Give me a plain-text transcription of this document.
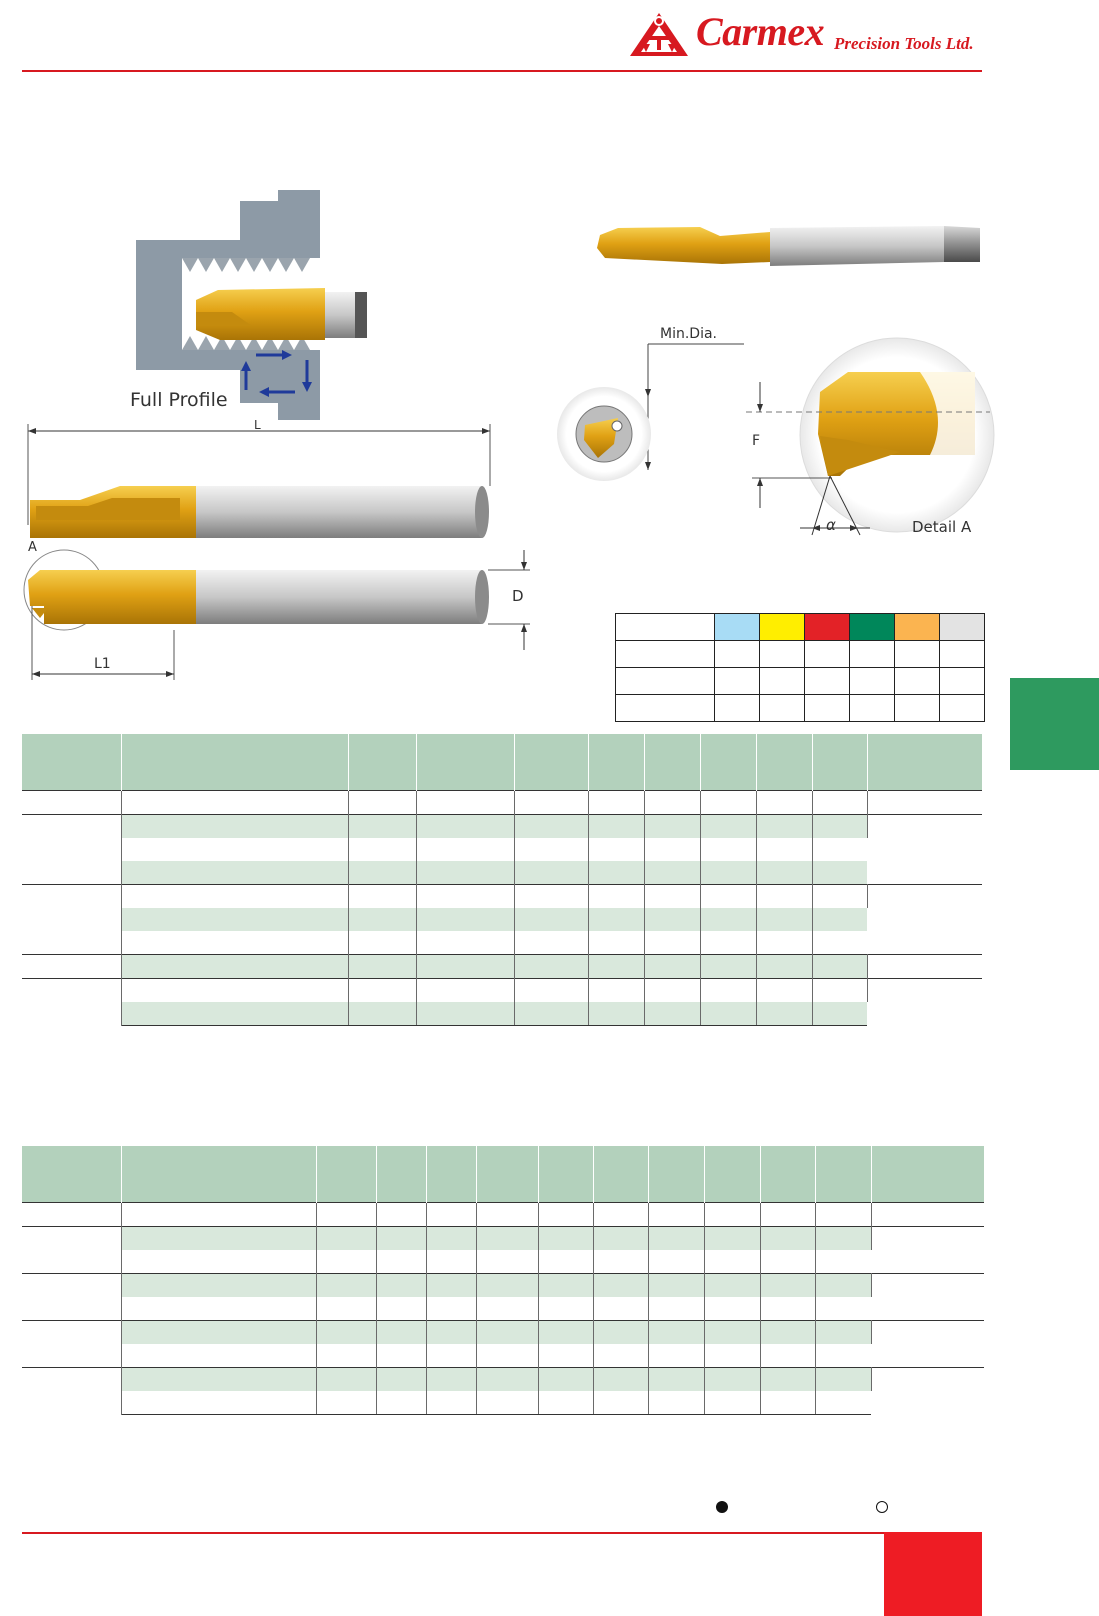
Carmex Precision Tools Ltd.
Full Profile
L
A
D
L1
Min.Dia.
F
α	Detail A
